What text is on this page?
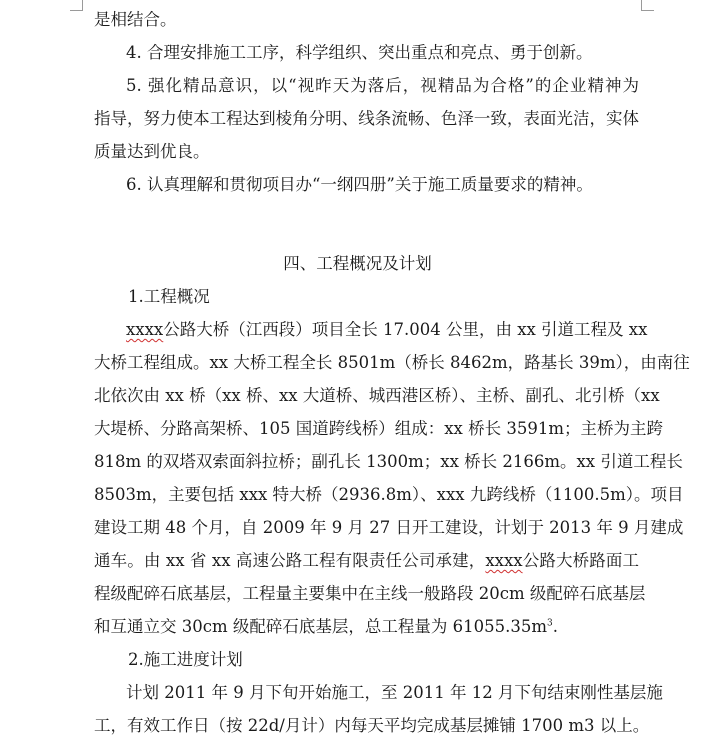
是相结合。
4. 合理安排施工工序，科学组织、突出重点和亮点、勇于创新。
5. 强化精品意识，以“视昨天为落后，视精品为合格”的企业精神为
指导，努力使本工程达到棱角分明、线条流畅、色泽一致，表面光洁，实体
质量达到优良。
6. 认真理解和贯彻项目办“一纲四册”关于施工质量要求的精神。
四、工程概况及计划
1.工程概况
xxxx公路大桥（江西段）项目全长 17.004 公里，由 xx 引道工程及 xx
大桥工程组成。xx 大桥工程全长 8501m（桥长 8462m，路基长 39m），由南往
北依次由 xx 桥（xx 桥、xx 大道桥、城西港区桥）、主桥、副孔、北引桥（xx
大堤桥、分路高架桥、105 国道跨线桥）组成：xx 桥长 3591m；主桥为主跨
818m 的双塔双索面斜拉桥；副孔长 1300m；xx 桥长 2166m。xx 引道工程长
8503m，主要包括 xxx 特大桥（2936.8m）、xxx 九跨线桥（1100.5m）。项目
建设工期 48 个月，自 2009 年 9 月 27 日开工建设，计划于 2013 年 9 月建成
通车。由 xx 省 xx 高速公路工程有限责任公司承建，xxxx公路大桥路面工
程级配碎石底基层，工程量主要集中在主线一般路段 20cm 级配碎石底基层
和互通立交 30cm 级配碎石底基层，总工程量为 $61055.35m^3$.
2.施工进度计划
计划 2011 年 9 月下旬开始施工，至 2011 年 12 月下旬结束刚性基层施
工，有效工作日（按 22d/月计）内每天平均完成基层摊铺 1700 m3 以上。
